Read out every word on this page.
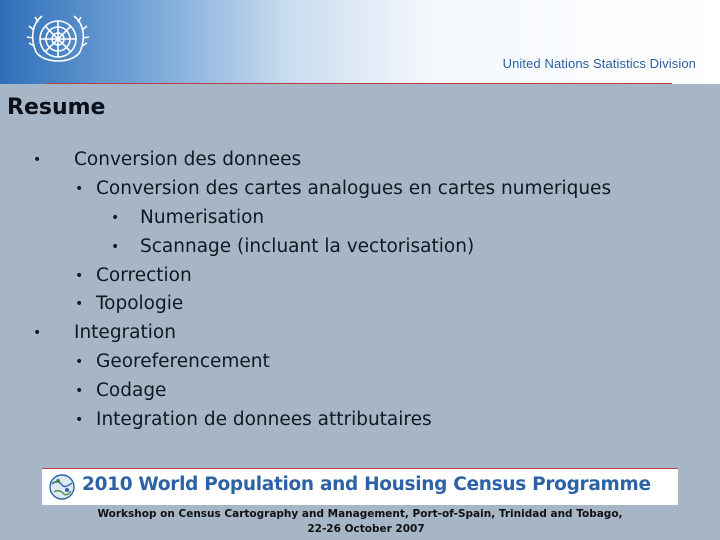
United Nations Statistics Division
Resume
• Conversion des donnees
• Conversion des cartes analogues en cartes numeriques
• Numerisation
• Scannage (incluant la vectorisation)
• Correction
• Topologie
• Integration
• Georeferencement
• Codage
• Integration de donnees attributaires
2010 World Population and Housing Census Programme
Workshop on Census Cartography and Management, Port-of-Spain, Trinidad and Tobago,
22-26 October 2007
